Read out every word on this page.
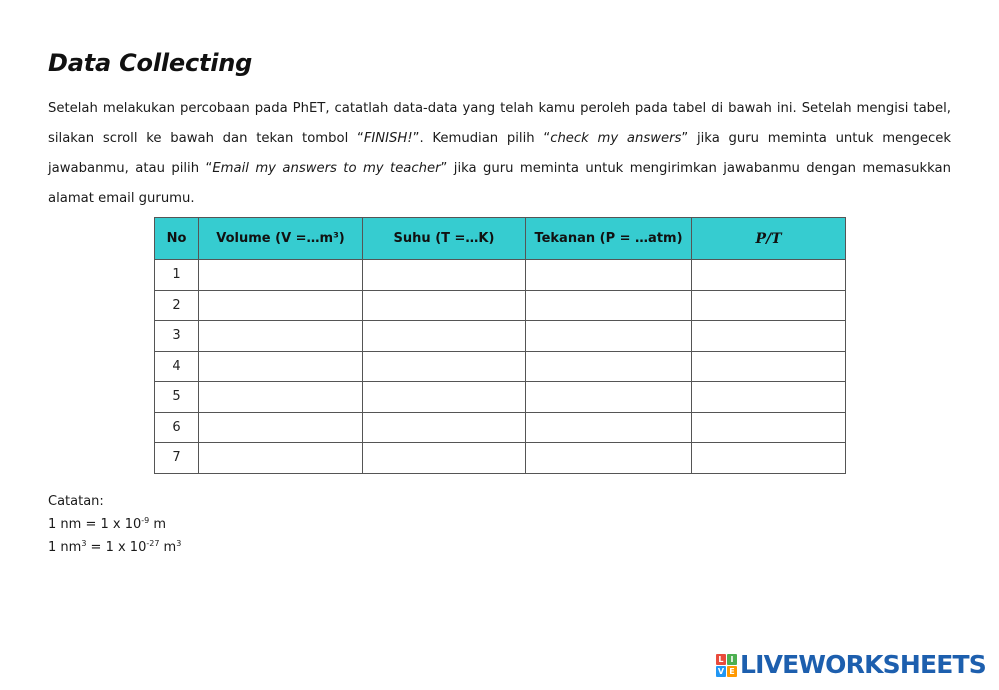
Data Collecting

Setelah melakukan percobaan pada PhET, catatlah data-data yang telah kamu peroleh pada tabel di bawah ini. Setelah mengisi tabel, silakan scroll ke bawah dan tekan tombol “FINISH!”. Kemudian pilih “check my answers” jika guru meminta untuk mengecek jawabanmu, atau pilih “Email my answers to my teacher” jika guru meminta untuk mengirimkan jawabanmu dengan memasukkan alamat email gurumu.

No	Volume (V =…m³)	Suhu (T =…K)	Tekanan (P = …atm)	P/T
1				
2				
3				
4				
5				
6				
7				
Catatan:
1 nm = 1 x $10^{-9}$ m
1 $nm^3 = 1$ x $10^{-27}$ $m^3$
L I
V E LIVEWORKSHEETS
